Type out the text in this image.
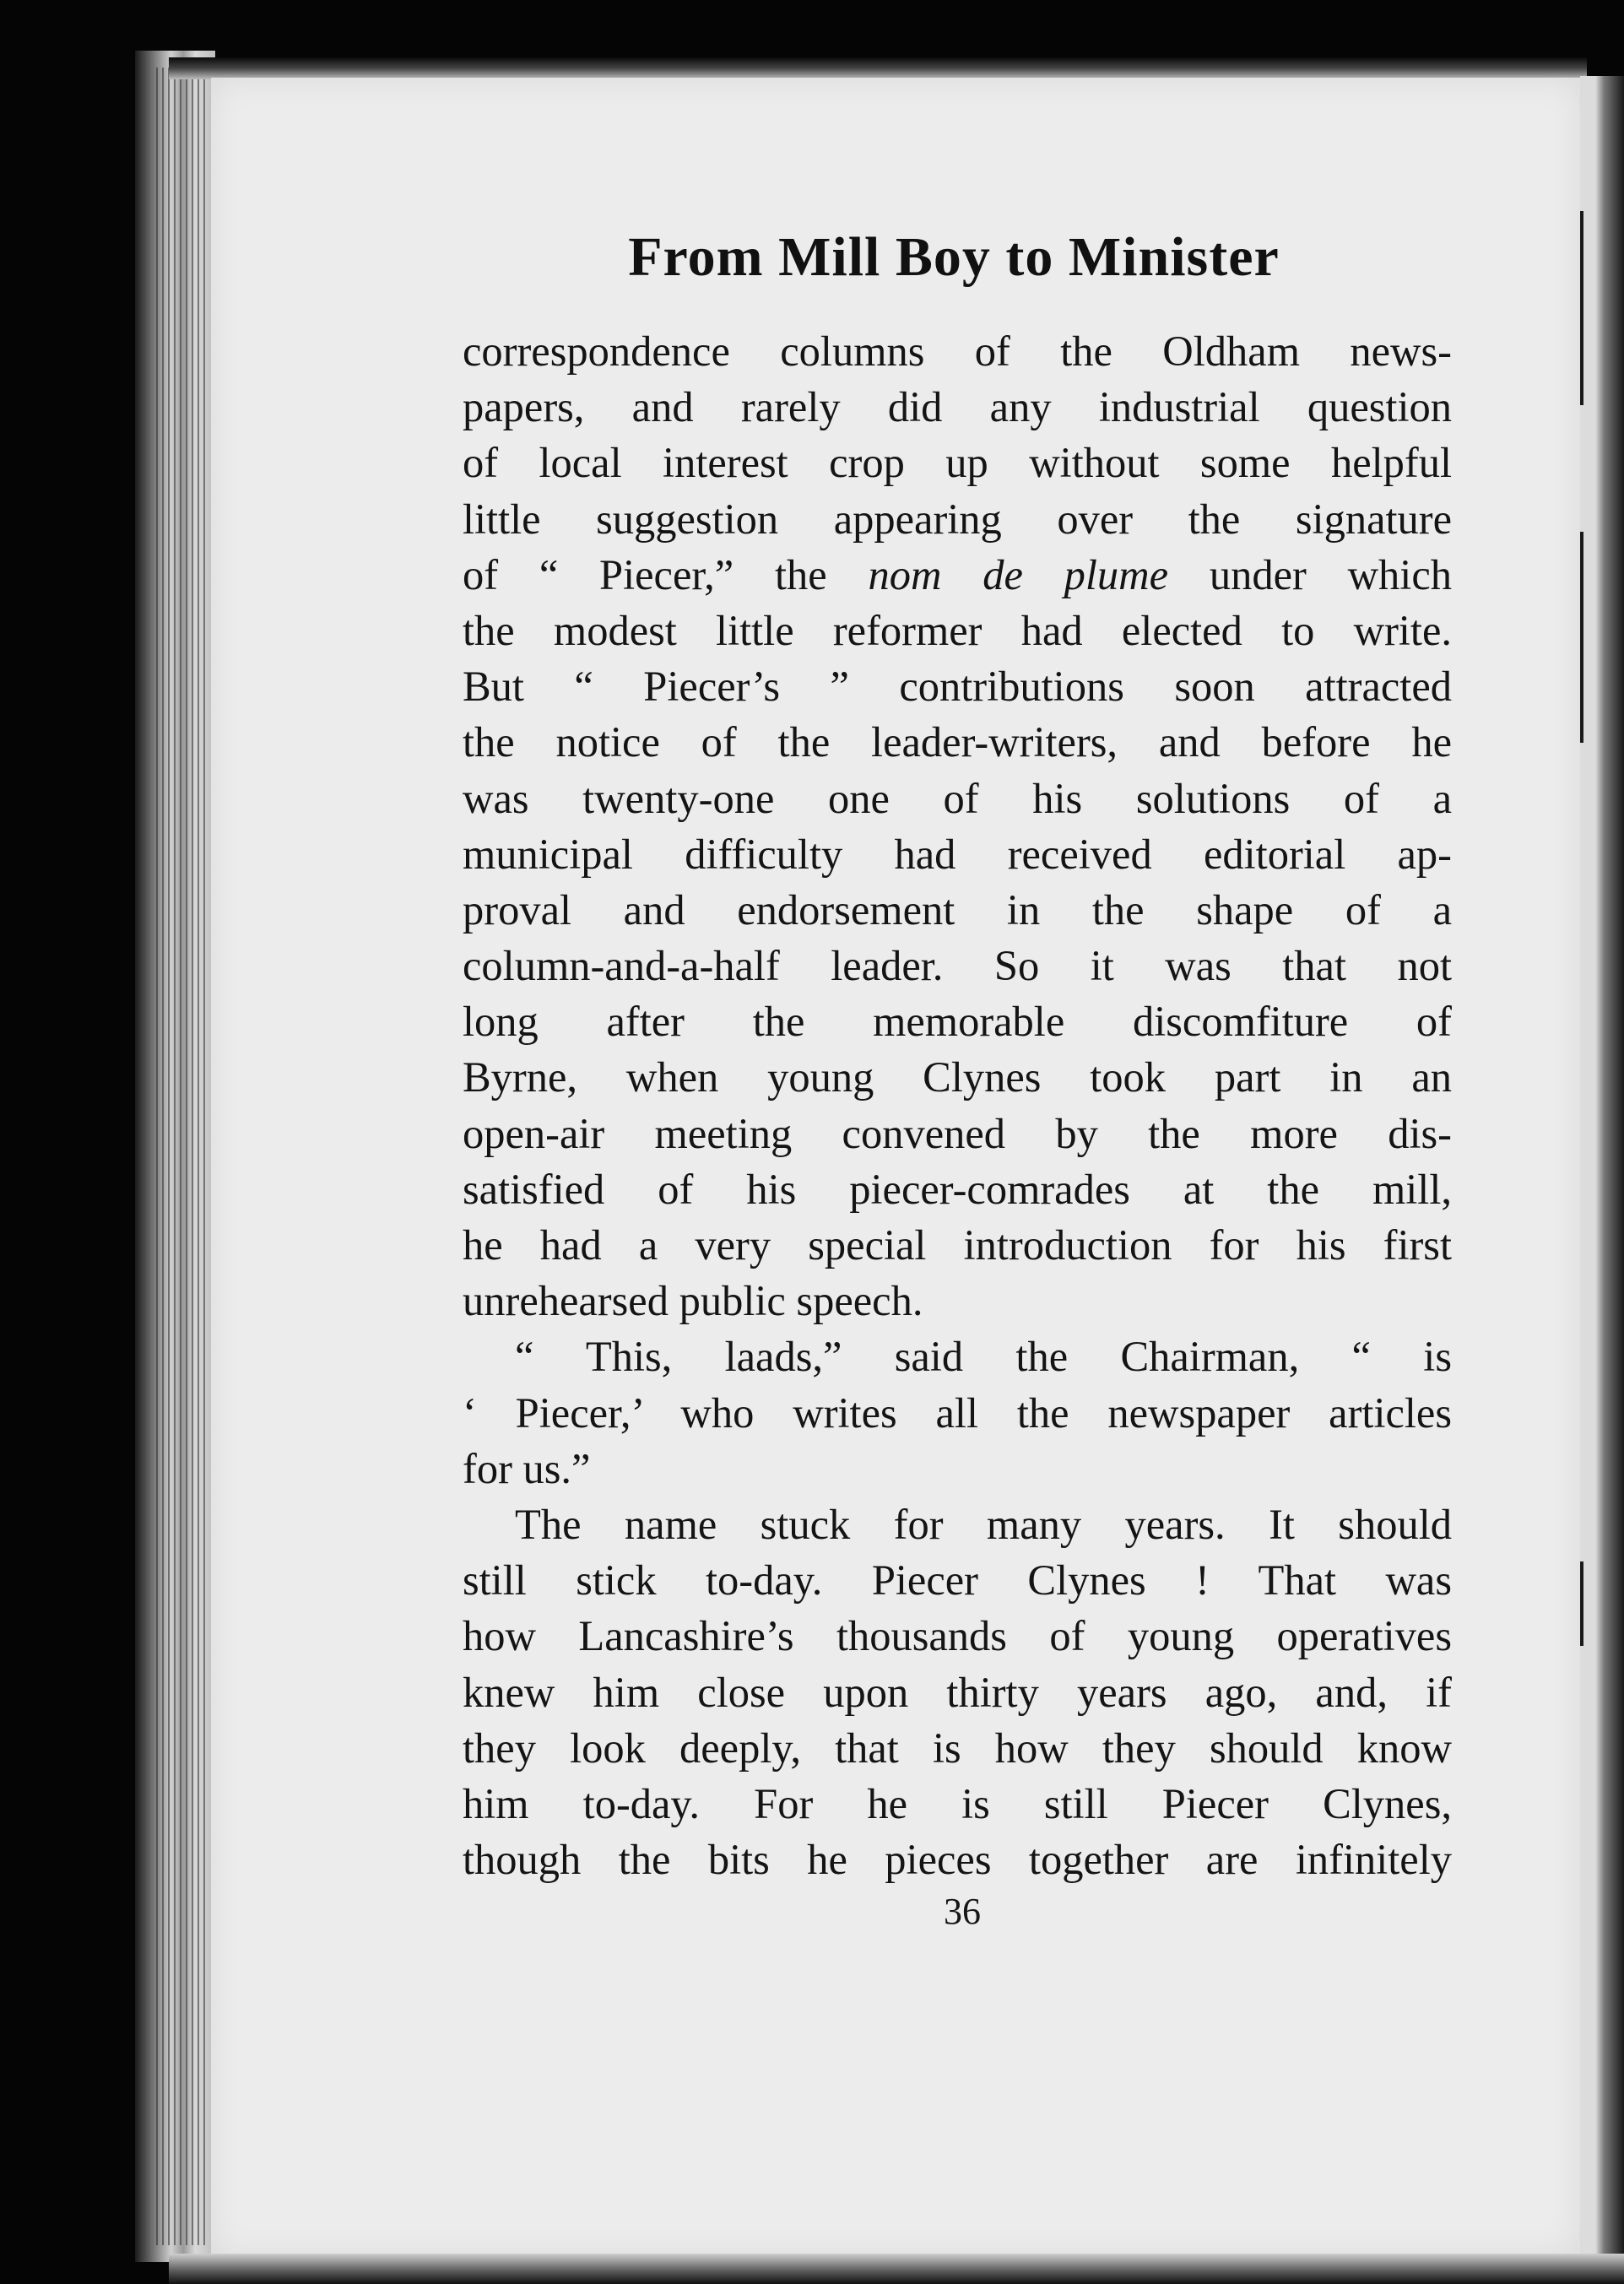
From Mill Boy to Minister
correspondence columns of the Oldham news-
papers, and rarely did any industrial question
of local interest crop up without some helpful
little suggestion appearing over the signature
of “ Piecer,” the nom de plume under which
the modest little reformer had elected to write.
But “ Piecer’s ” contributions soon attracted
the notice of the leader-writers, and before he
was twenty-one one of his solutions of a
municipal difficulty had received editorial ap-
proval and endorsement in the shape of a
column-and-a-half leader. So it was that not
long after the memorable discomfiture of
Byrne, when young Clynes took part in an
open-air meeting convened by the more dis-
satisfied of his piecer-comrades at the mill,
he had a very special introduction for his first
unrehearsed public speech.
“ This, laads,” said the Chairman, “ is
‘ Piecer,’ who writes all the newspaper articles
for us.”
The name stuck for many years. It should
still stick to-day. Piecer Clynes ! That was
how Lancashire’s thousands of young operatives
knew him close upon thirty years ago, and, if
they look deeply, that is how they should know
him to-day. For he is still Piecer Clynes,
though the bits he pieces together are infinitely
36
